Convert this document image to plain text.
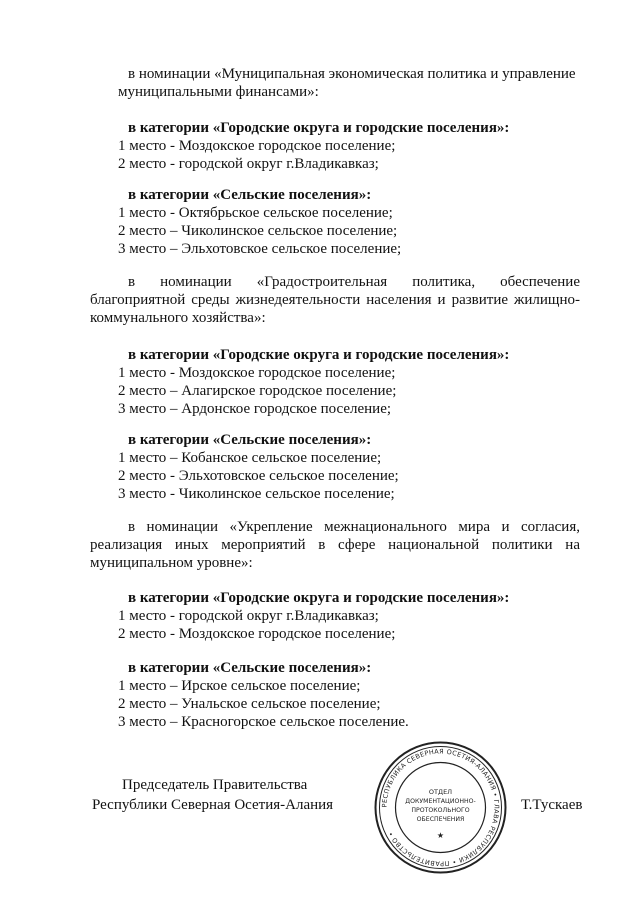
в номинации «Муниципальная экономическая политика и управление
муниципальными финансами»:
в категории «Городские округа и городские поселения»:
1 место - Моздокское городское поселение;
2 место - городской округ г.Владикавказ;
в категории «Сельские поселения»:
1 место - Октябрьское сельское поселение;
2 место – Чиколинское сельское поселение;
3 место – Эльхотовское сельское поселение;
в номинации «Градостроительная политика, обеспечение
благоприятной среды жизнедеятельности населения и развитие жилищно-
коммунального хозяйства»:
в категории «Городские округа и городские поселения»:
1 место - Моздокское городское поселение;
2 место – Алагирское городское поселение;
3 место – Ардонское городское поселение;
в категории «Сельские поселения»:
1 место – Кобанское сельское поселение;
2 место - Эльхотовское сельское поселение;
3 место - Чиколинское сельское поселение;
в номинации «Укрепление межнационального мира и согласия,
реализация иных мероприятий в сфере национальной политики на
муниципальном уровне»:
в категории «Городские округа и городские поселения»:
1 место - городской округ г.Владикавказ;
2 место - Моздокское городское поселение;
в категории «Сельские поселения»:
1 место – Ирское сельское поселение;
2 место – Унальское сельское поселение;
3 место – Красногорское сельское поселение.
Председатель Правительства
Республики Северная Осетия-Алания	Т.Тускаев
РЕСПУБЛИКА СЕВЕРНАЯ ОСЕТИЯ-АЛАНИЯ • ГЛАВА РЕСПУБЛИКИ • ПРАВИТЕЛЬСТВО •
ОТДЕЛ
ДОКУМЕНТАЦИОННО-
ПРОТОКОЛЬНОГО
ОБЕСПЕЧЕНИЯ
★
